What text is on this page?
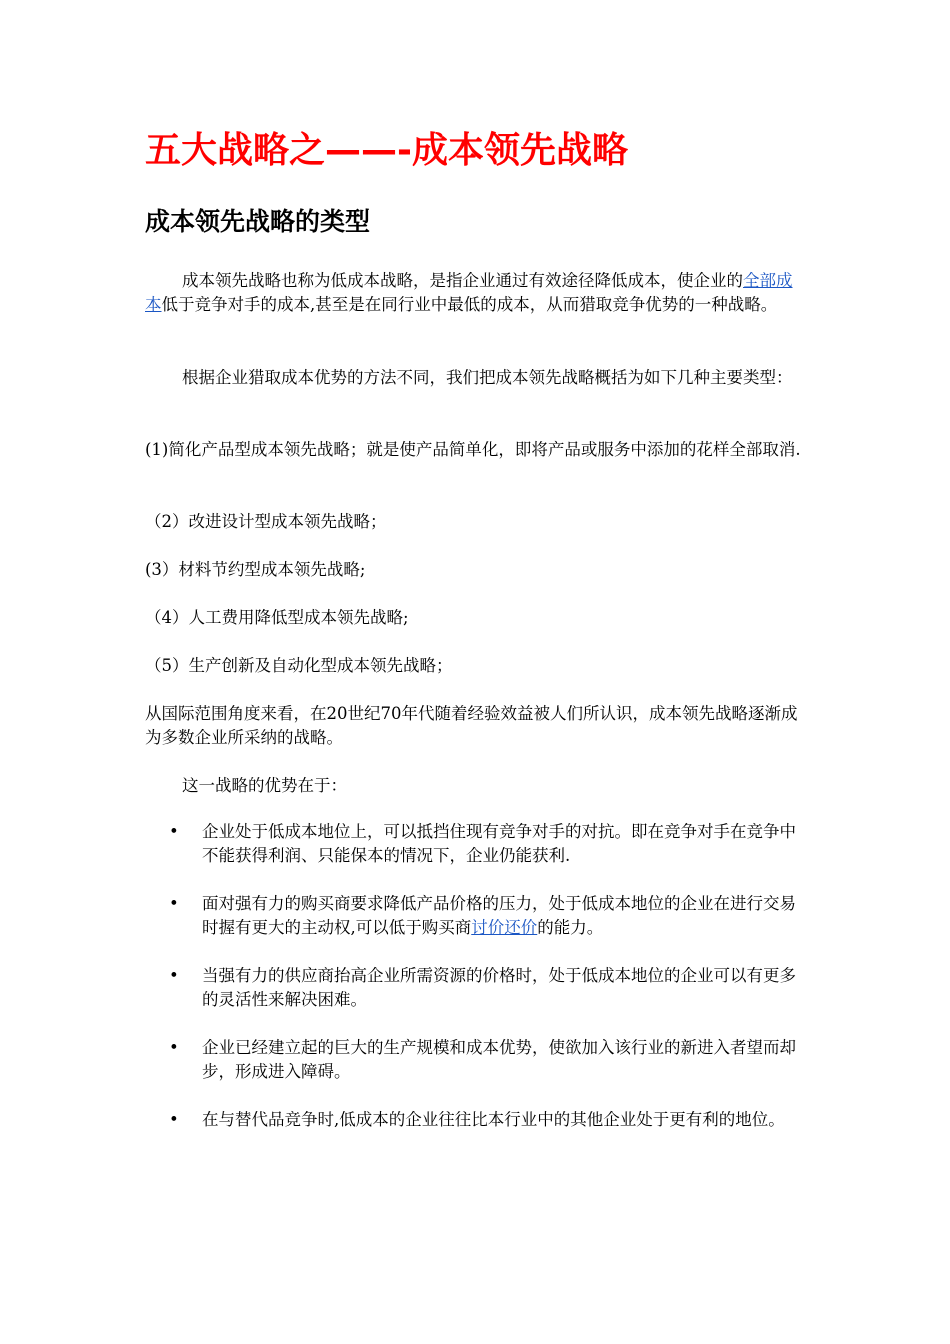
五大战略之——-成本领先战略
成本领先战略的类型
成本领先战略也称为低成本战略，是指企业通过有效途径降低成本，使企业的全部成本低于竞争对手的成本,甚至是在同行业中最低的成本，从而猎取竞争优势的一种战略。
根据企业猎取成本优势的方法不同，我们把成本领先战略概括为如下几种主要类型：
(1)简化产品型成本领先战略；就是使产品简单化，即将产品或服务中添加的花样全部取消.
（2）改进设计型成本领先战略；
(3）材料节约型成本领先战略;
（4）人工费用降低型成本领先战略;
（5）生产创新及自动化型成本领先战略；
从国际范围角度来看，在20世纪70年代随着经验效益被人们所认识，成本领先战略逐渐成为多数企业所采纳的战略。
这一战略的优势在于：
• 企业处于低成本地位上，可以抵挡住现有竞争对手的对抗。即在竞争对手在竞争中不能获得利润、只能保本的情况下，企业仍能获利.
• 面对强有力的购买商要求降低产品价格的压力，处于低成本地位的企业在进行交易时握有更大的主动权,可以低于购买商讨价还价的能力。
• 当强有力的供应商抬高企业所需资源的价格时，处于低成本地位的企业可以有更多的灵活性来解决困难。
• 企业已经建立起的巨大的生产规模和成本优势，使欲加入该行业的新进入者望而却步，形成进入障碍。
• 在与替代品竞争时,低成本的企业往往比本行业中的其他企业处于更有利的地位。
